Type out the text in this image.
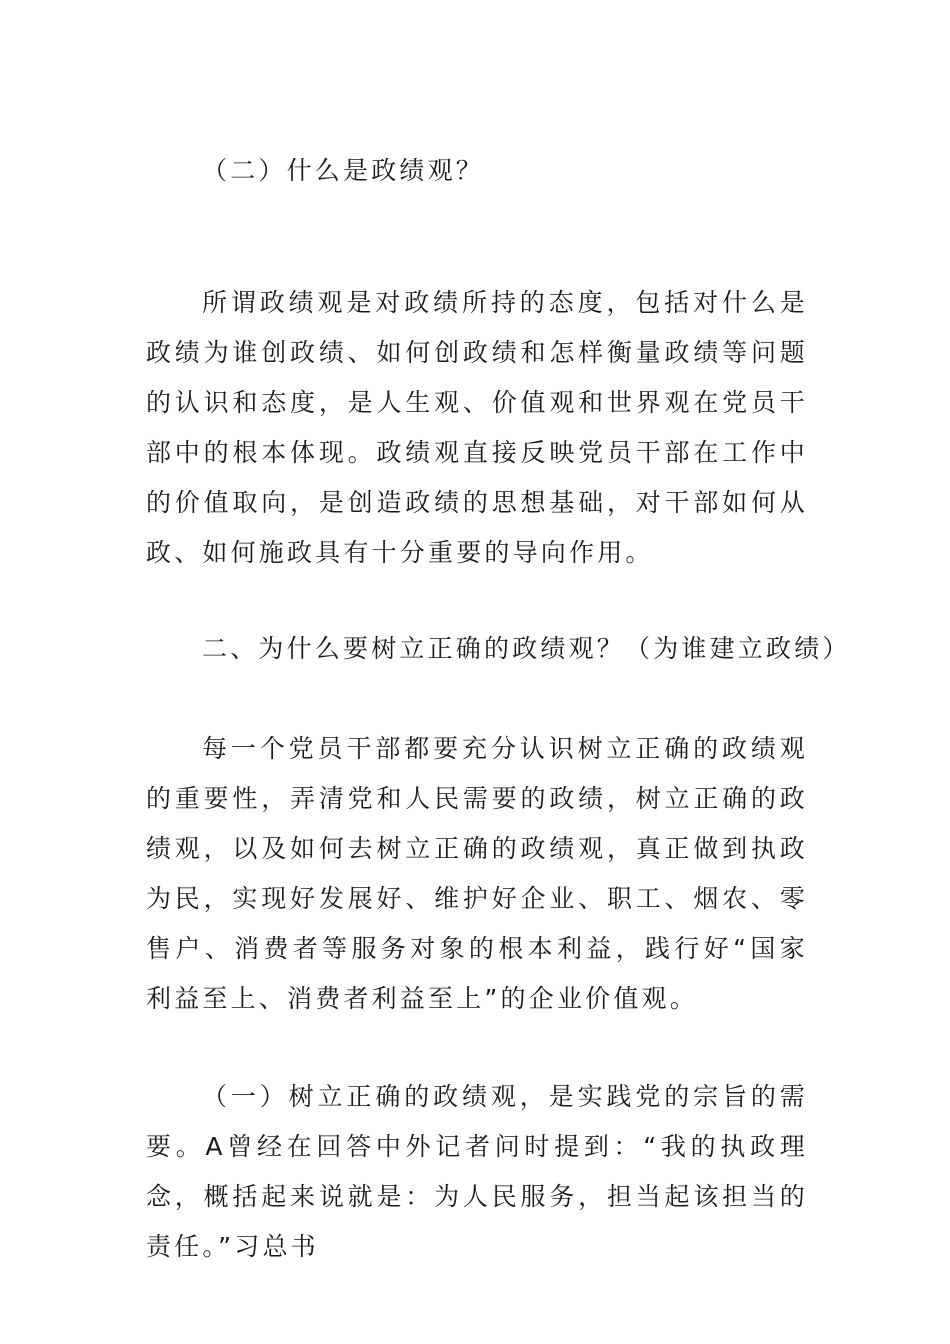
（二）什么是政绩观？

所谓政绩观是对政绩所持的态度，包括对什么是政绩为谁创政绩、如何创政绩和怎样衡量政绩等问题的认识和态度，是人生观、价值观和世界观在党员干部中的根本体现。政绩观直接反映党员干部在工作中的价值取向，是创造政绩的思想基础，对干部如何从政、如何施政具有十分重要的导向作用。

二、为什么要树立正确的政绩观？（为谁建立政绩）

每一个党员干部都要充分认识树立正确的政绩观的重要性，弄清党和人民需要的政绩，树立正确的政绩观，以及如何去树立正确的政绩观，真正做到执政为民，实现好发展好、维护好企业、职工、烟农、零售户、消费者等服务对象的根本利益，践行好“国家利益至上、消费者利益至上”的企业价值观。

（一）树立正确的政绩观，是实践党的宗旨的需要。A曾经在回答中外记者问时提到：“我的执政理念，概括起来说就是：为人民服务，担当起该担当的责任。”习总书
